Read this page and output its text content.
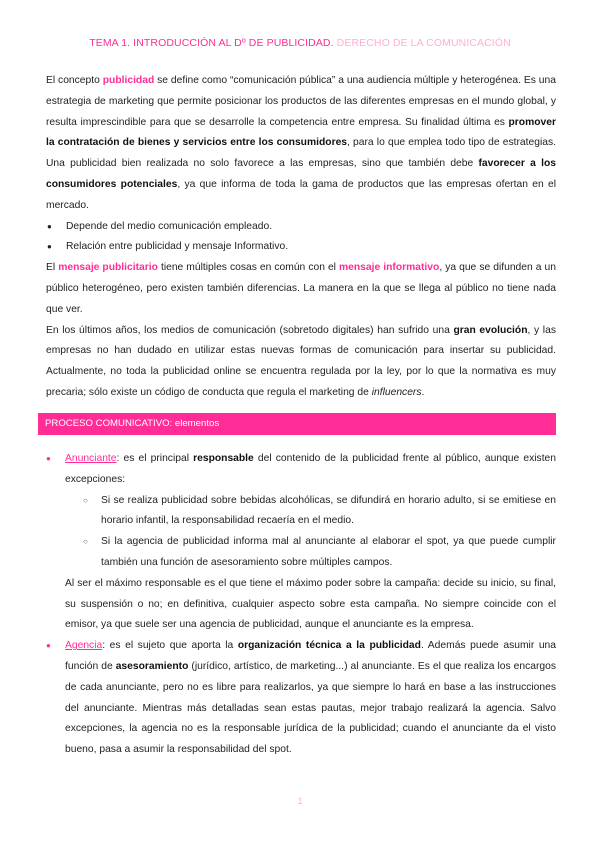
TEMA 1. INTRODUCCIÓN AL Dº DE PUBLICIDAD. DERECHO DE LA COMUNICACIÓN

El concepto publicidad se define como “comunicación pública” a una audiencia múltiple y heterogénea. Es una estrategia de marketing que permite posicionar los productos de las diferentes empresas en el mundo global, y resulta imprescindible para que se desarrolle la competencia entre empresa. Su finalidad última es promover la contratación de bienes y servicios entre los consumidores, para lo que emplea todo tipo de estrategias. Una publicidad bien realizada no solo favorece a las empresas, sino que también debe favorecer a los consumidores potenciales, ya que informa de toda la gama de productos que las empresas ofertan en el mercado.

● Depende del medio comunicación empleado.
● Relación entre publicidad y mensaje Informativo.

El mensaje publicitario tiene múltiples cosas en común con el mensaje informativo, ya que se difunden a un público heterogéneo, pero existen también diferencias. La manera en la que se llega al público no tiene nada que ver.

En los últimos años, los medios de comunicación (sobretodo digitales) han sufrido una gran evolución, y las empresas no han dudado en utilizar estas nuevas formas de comunicación para insertar su publicidad. Actualmente, no toda la publicidad online se encuentra regulada por la ley, por lo que la normativa es muy precaria; sólo existe un código de conducta que regula el marketing de influencers.

PROCESO COMUNICATIVO: elementos
● Anunciante: es el principal responsable del contenido de la publicidad frente al público, aunque existen excepciones:
○ Si se realiza publicidad sobre bebidas alcohólicas, se difundirá en horario adulto, si se emitiese en horario infantil, la responsabilidad recaería en el medio.
○ Si la agencia de publicidad informa mal al anunciante al elaborar el spot, ya que puede cumplir también una función de asesoramiento sobre múltiples campos.
Al ser el máximo responsable es el que tiene el máximo poder sobre la campaña: decide su inicio, su final, su suspensión o no; en definitiva, cualquier aspecto sobre esta campaña. No siempre coincide con el emisor, ya que suele ser una agencia de publicidad, aunque el anunciante es la empresa.
● Agencia: es el sujeto que aporta la organización técnica a la publicidad. Además puede asumir una función de asesoramiento (jurídico, artístico, de marketing...) al anunciante. Es el que realiza los encargos de cada anunciante, pero no es libre para realizarlos, ya que siempre lo hará en base a las instrucciones del anunciante. Mientras más detalladas sean estas pautas, mejor trabajo realizará la agencia. Salvo excepciones, la agencia no es la responsable jurídica de la publicidad; cuando el anunciante da el visto bueno, pasa a asumir la responsabilidad del spot.
1
